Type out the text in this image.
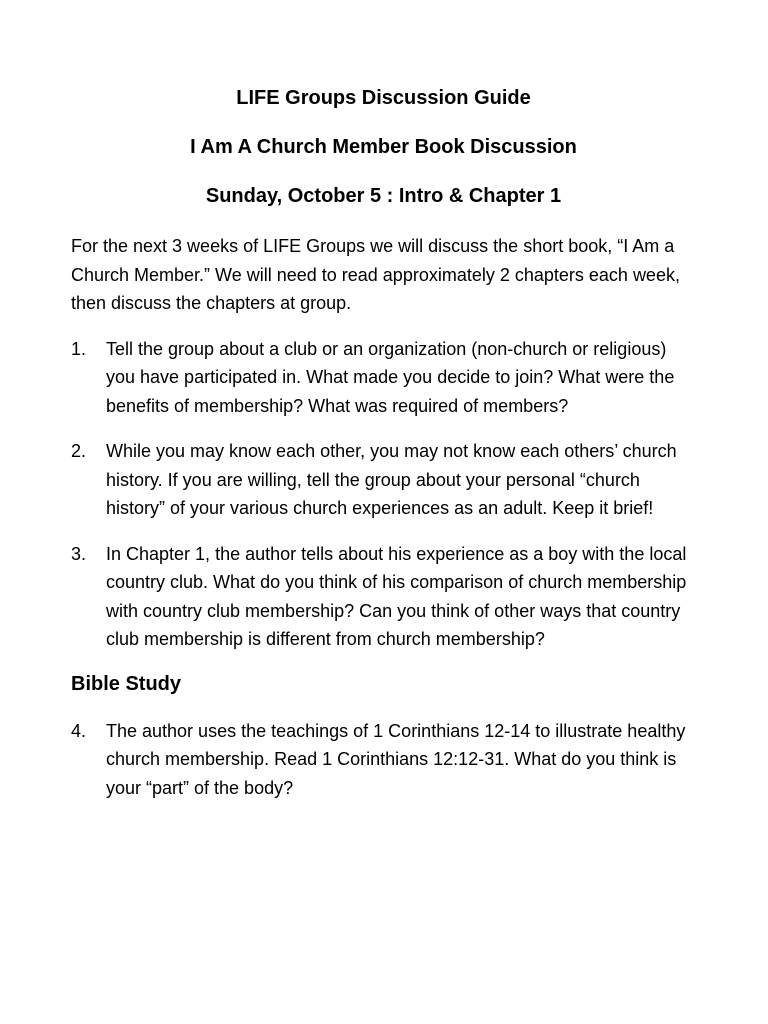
LIFE Groups Discussion Guide
I Am A Church Member Book Discussion
Sunday, October 5 : Intro & Chapter 1

For the next 3 weeks of LIFE Groups we will discuss the short book, “I Am a Church Member.” We will need to read approximately 2 chapters each week, then discuss the chapters at group.

1. Tell the group about a club or an organization (non-church or religious) you have participated in. What made you decide to join? What were the benefits of membership? What was required of members?
2. While you may know each other, you may not know each others’ church history. If you are willing, tell the group about your personal “church history” of your various church experiences as an adult. Keep it brief!
3. In Chapter 1, the author tells about his experience as a boy with the local country club. What do you think of his comparison of church membership with country club membership? Can you think of other ways that country club membership is different from church membership?
Bible Study
4. The author uses the teachings of 1 Corinthians 12-14 to illustrate healthy church membership. Read 1 Corinthians 12:12-31. What do you think is your “part” of the body?
